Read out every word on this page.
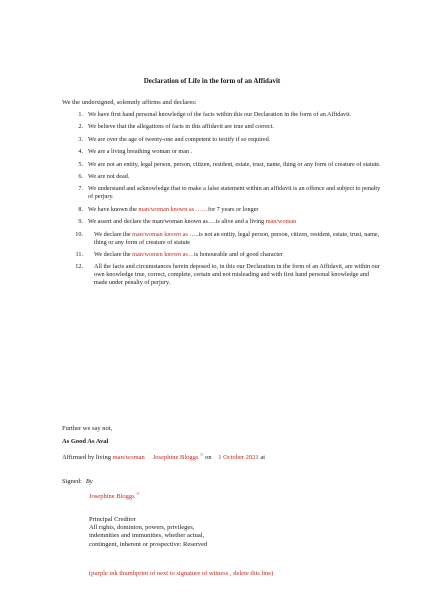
Declaration of Life in the form of an Affidavit
We the undersigned, solemnly affirms and declares:
1. We have first hand personal knowledge of the facts within this our Declaration in the form of an Affidavit.
2. We believe that the allegations of facts in this affidavit are true and correct.
3. We are over the age of twenty-one and competent to testify if so required.
4. We are a living breathing woman or man .
5. We are not an entity, legal person, person, citizen, resident, estate, trust, name, thing or any form of creature of statute.
6. We are not dead.
7. We understand and acknowledge that to make a false statement within an affidavit is an offence and subject to penalty of perjury.
8. We have known the man/woman known as ……for 7 years or longer
9. We assert and declare the man/woman known as….is alive and a living man/woman
10.	We declare the man/woman known as …..is not an entity, legal person, person, citizen, resident, estate, trust, name, thing or any form of creature of statute
11.	We declare the man/women known as…is honourable and of good character
12.	All the facts and circumstances herein deposed to, in this our Declaration in the form of an Affidavit, are within our own knowledge true, correct, complete, certain and not misleading and with first hand personal knowledge and made under penalty of perjury.
Further we say not,
As Good As Aval
Affirmed by living man/woman Josephine Bloggs © on 1 October 2021 at
Signed: By
Josephine Bloggs ©
Principal Creditor
All rights, dominion, powers, privileges,
indemnities and immunities, whether actual,
contingent, inherent or prospective: Reserved
(purple ink thumbprint of next to signature of witness , delete this line)
